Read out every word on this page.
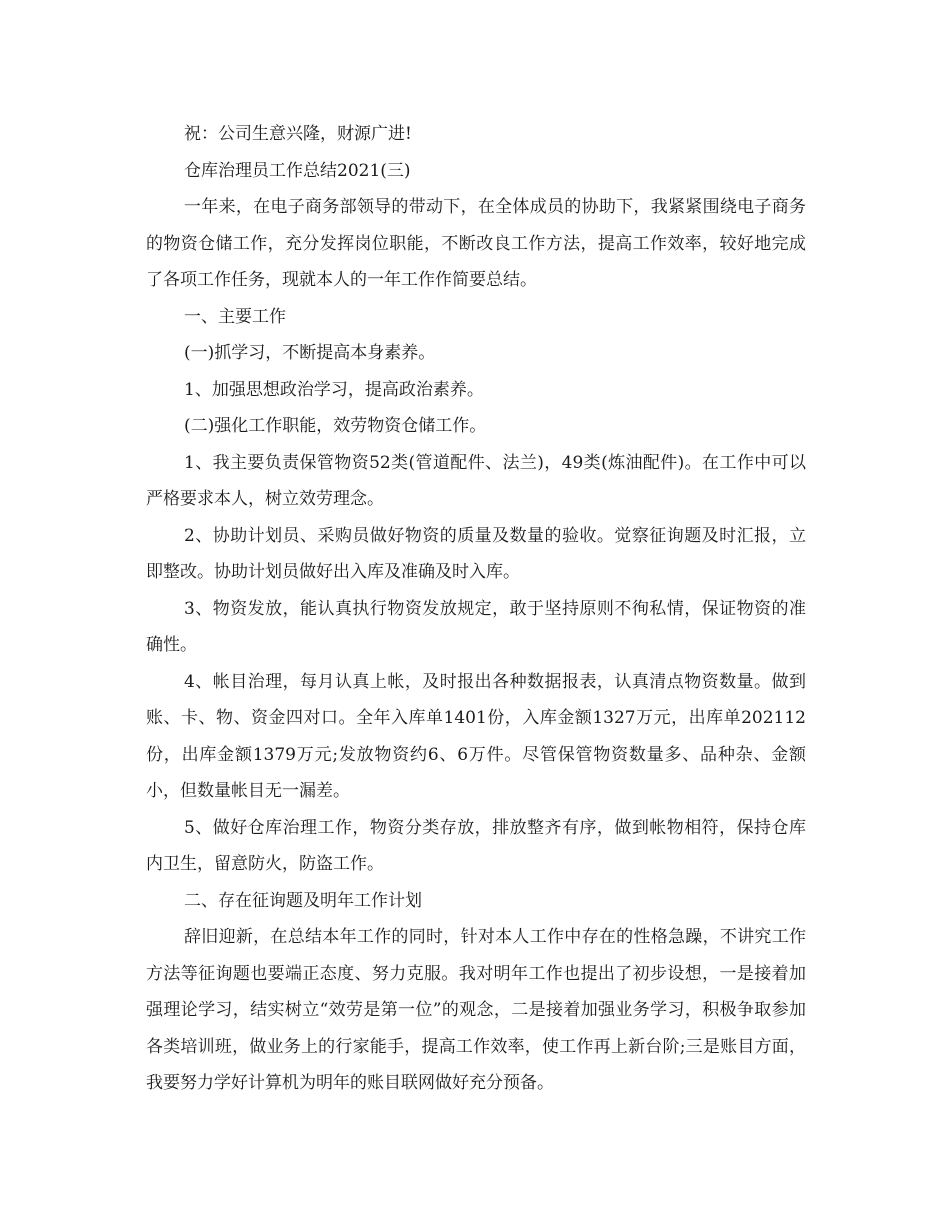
祝：公司生意兴隆，财源广进!

仓库治理员工作总结2021(三)

一年来，在电子商务部领导的带动下，在全体成员的协助下，我紧紧围绕电子商务的物资仓储工作，充分发挥岗位职能，不断改良工作方法，提高工作效率，较好地完成了各项工作任务，现就本人的一年工作作简要总结。

一、主要工作

(一)抓学习，不断提高本身素养。

1、加强思想政治学习，提高政治素养。

(二)强化工作职能，效劳物资仓储工作。

1、我主要负责保管物资52类(管道配件、法兰)，49类(炼油配件)。在工作中可以严格要求本人，树立效劳理念。

2、协助计划员、采购员做好物资的质量及数量的验收。觉察征询题及时汇报，立即整改。协助计划员做好出入库及准确及时入库。

3、物资发放，能认真执行物资发放规定，敢于坚持原则不徇私情，保证物资的准确性。

4、帐目治理，每月认真上帐，及时报出各种数据报表，认真清点物资数量。做到账、卡、物、资金四对口。全年入库单1401份，入库金额1327万元，出库单202112份，出库金额1379万元;发放物资约6、6万件。尽管保管物资数量多、品种杂、金额小，但数量帐目无一漏差。

5、做好仓库治理工作，物资分类存放，排放整齐有序，做到帐物相符，保持仓库内卫生，留意防火，防盗工作。

二、存在征询题及明年工作计划

辞旧迎新，在总结本年工作的同时，针对本人工作中存在的性格急躁，不讲究工作方法等征询题也要端正态度、努力克服。我对明年工作也提出了初步设想，一是接着加强理论学习，结实树立“效劳是第一位”的观念，二是接着加强业务学习，积极争取参加各类培训班，做业务上的行家能手，提高工作效率，使工作再上新台阶;三是账目方面，我要努力学好计算机为明年的账目联网做好充分预备。
